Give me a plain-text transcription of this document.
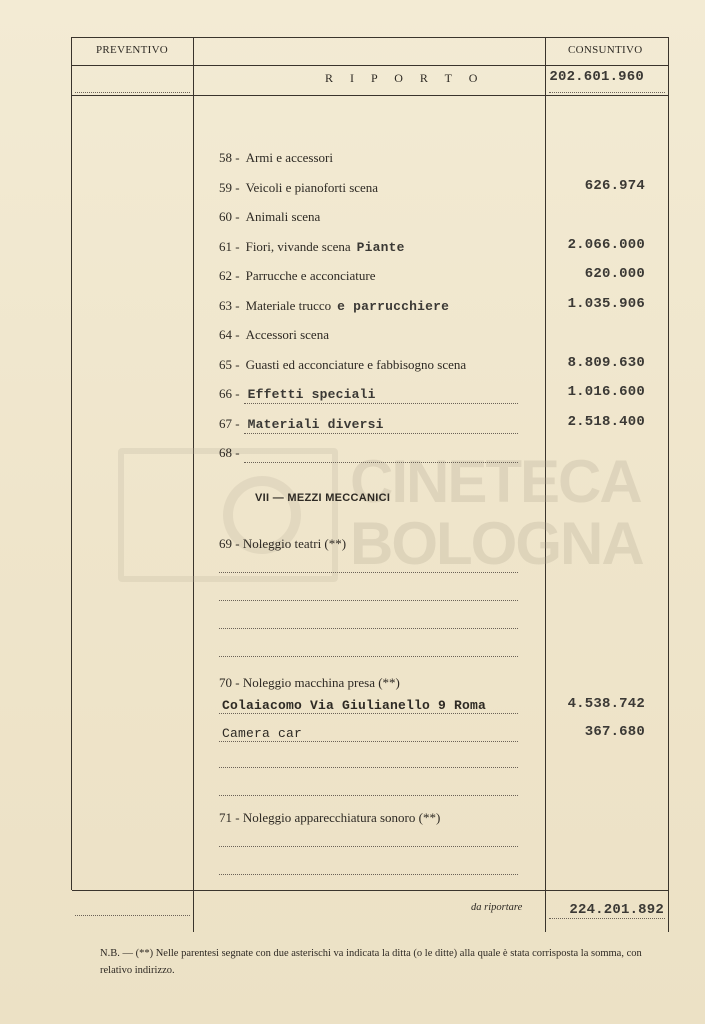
PREVENTIVO	CONSUNTIVO
R I P O R T O	202.601.960
CINETECA
BOLOGNA
58 - Armi e accessori
59 - Veicoli e pianoforti scena	626.974
60 - Animali scena
61 - Fiori, vivande scena Piante	2.066.000
62 - Parrucche e acconciature	620.000
63 - Materiale trucco e parrucchiere	1.035.906
64 - Accessori scena
65 - Guasti ed acconciature e fabbisogno scena	8.809.630
66 - Effetti speciali	1.016.600
67 - Materiali diversi	2.518.400
68 -
VII — MEZZI MECCANICI
69 - Noleggio teatri (**)
70 - Noleggio macchina presa (**)
Colaiacomo Via Giulianello 9 Roma	4.538.742
Camera car	367.680
71 - Noleggio apparecchiatura sonoro (**)
da riportare	224.201.892
N.B. — (**) Nelle parentesi segnate con due asterischi va indicata la ditta (o le ditte) alla quale è stata corrisposta la somma, con relativo indirizzo.
